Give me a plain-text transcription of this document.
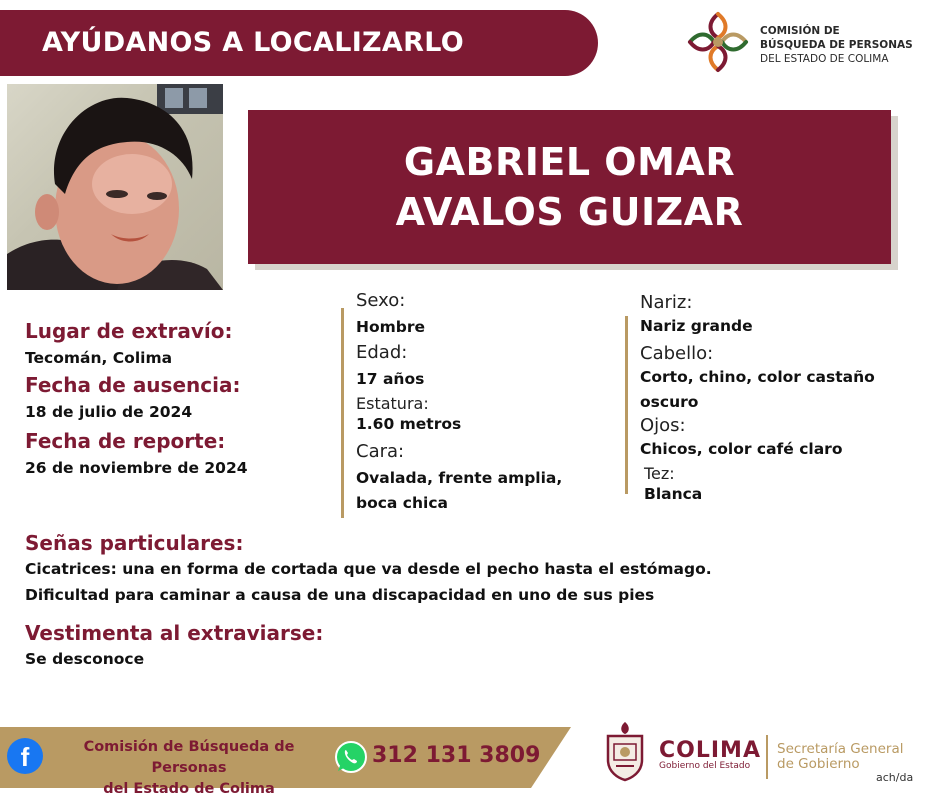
AYÚDANOS A LOCALIZARLO	COMISIÓN DE
BÚSQUEDA DE PERSONAS
DEL ESTADO DE COLIMA
GABRIEL OMAR
AVALOS GUIZAR
Lugar de extravío:
Tecomán, Colima
Fecha de ausencia:
18 de julio de 2024
Fecha de reporte:
26 de noviembre de 2024
Sexo:
Hombre
Edad:
17 años
Estatura:
1.60 metros
Cara:
Ovalada, frente amplia,
boca chica
Nariz:
Nariz grande
Cabello:
Corto, chino, color castaño
oscuro
Ojos:
Chicos, color café claro
Tez:
Blanca
Señas particulares:
Cicatrices: una en forma de cortada que va desde el pecho hasta el estómago.
Dificultad para caminar a causa de una discapacidad en uno de sus pies
Vestimenta al extraviarse:
Se desconoce
f	Comisión de Búsqueda de Personas
del Estado de Colima
312 131 3809	COLIMA
Gobierno del Estado
Secretaría General
de Gobierno
ach/da
